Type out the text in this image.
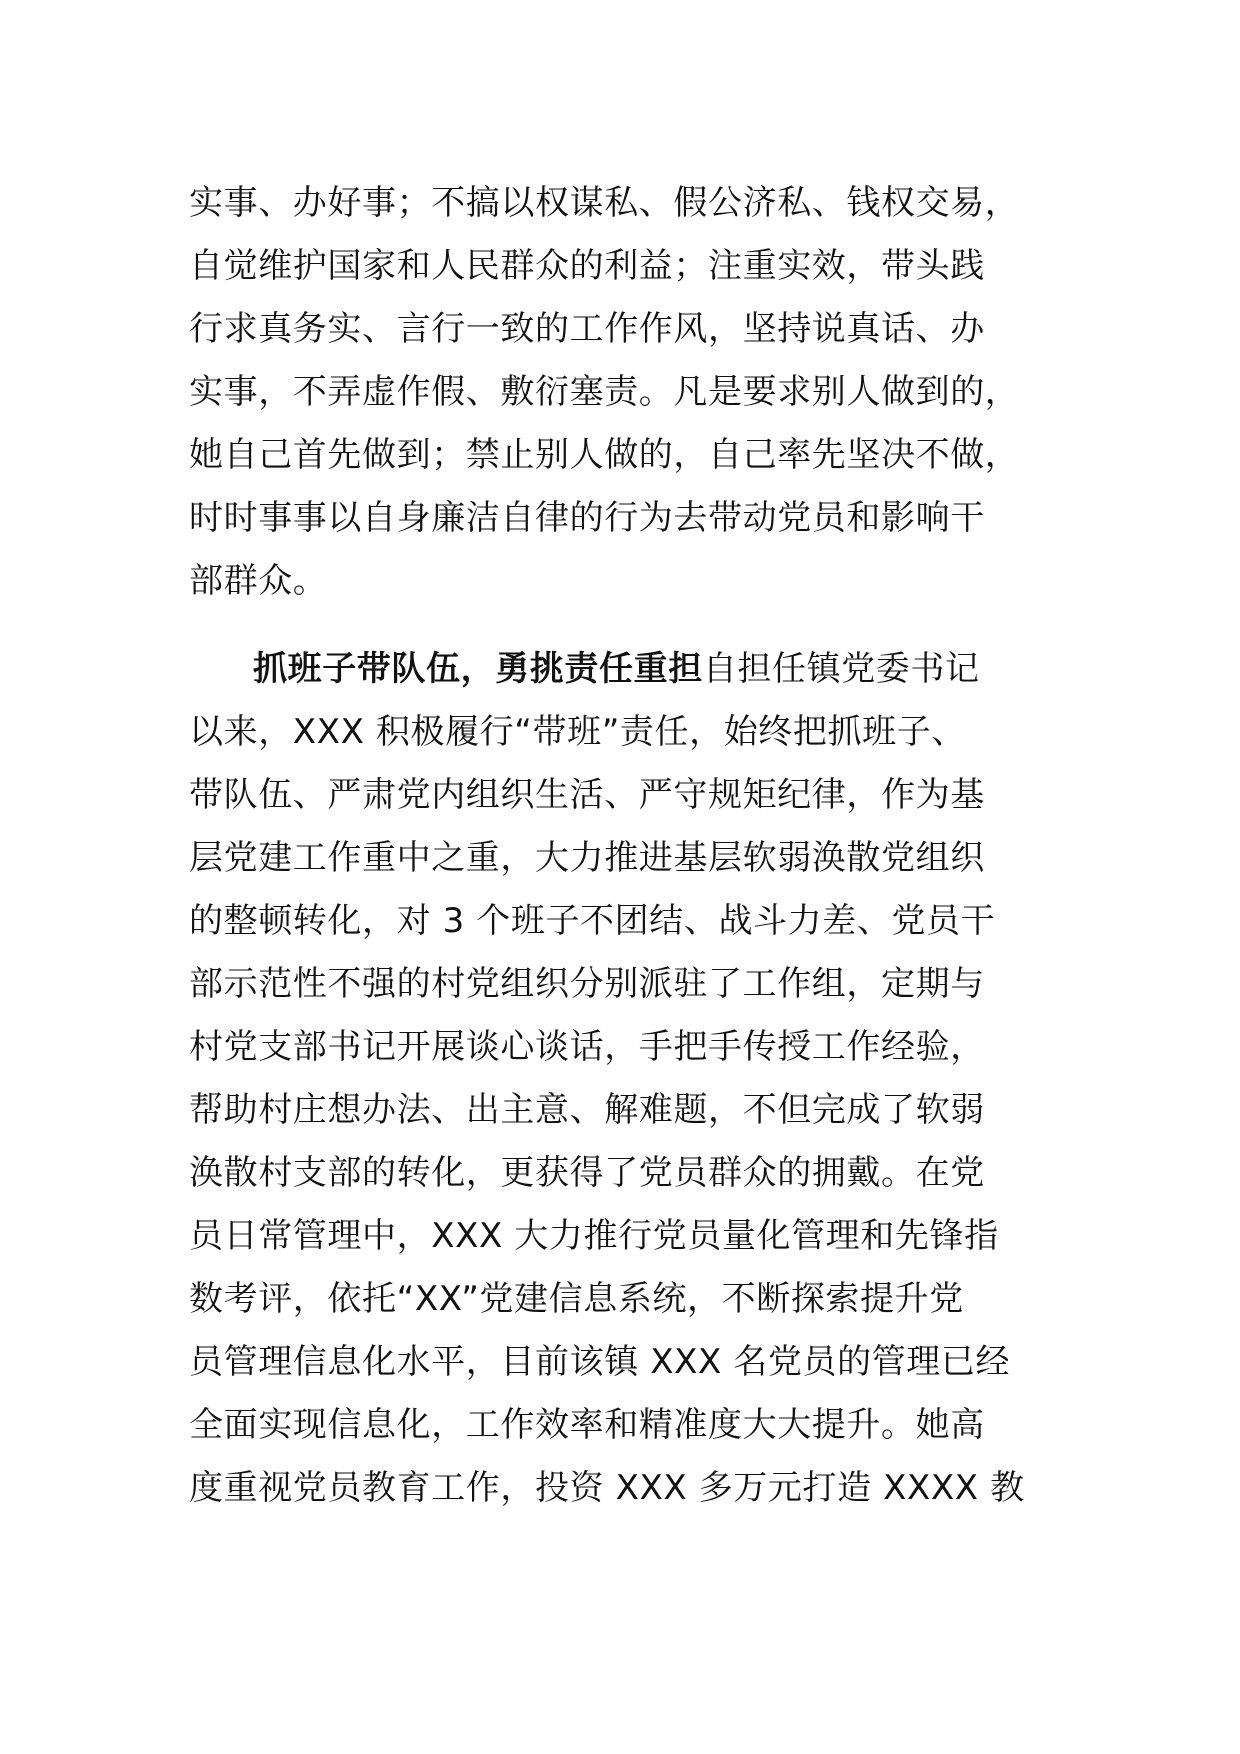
实事、办好事；不搞以权谋私、假公济私、钱权交易，
自觉维护国家和人民群众的利益；注重实效，带头践
行求真务实、言行一致的工作作风，坚持说真话、办
实事，不弄虚作假、敷衍塞责。凡是要求别人做到的，
她自己首先做到；禁止别人做的，自己率先坚决不做，
时时事事以自身廉洁自律的行为去带动党员和影响干
部群众。
抓班子带队伍，勇挑责任重担自担任镇党委书记
以来，XXX 积极履行“带班”责任，始终把抓班子、
带队伍、严肃党内组织生活、严守规矩纪律，作为基
层党建工作重中之重，大力推进基层软弱涣散党组织
的整顿转化，对 3 个班子不团结、战斗力差、党员干
部示范性不强的村党组织分别派驻了工作组，定期与
村党支部书记开展谈心谈话，手把手传授工作经验，
帮助村庄想办法、出主意、解难题，不但完成了软弱
涣散村支部的转化，更获得了党员群众的拥戴。在党
员日常管理中，XXX 大力推行党员量化管理和先锋指
数考评，依托“XX”党建信息系统，不断探索提升党
员管理信息化水平，目前该镇 XXX 名党员的管理已经
全面实现信息化，工作效率和精准度大大提升。她高
度重视党员教育工作，投资 XXX 多万元打造 XXXX 教
